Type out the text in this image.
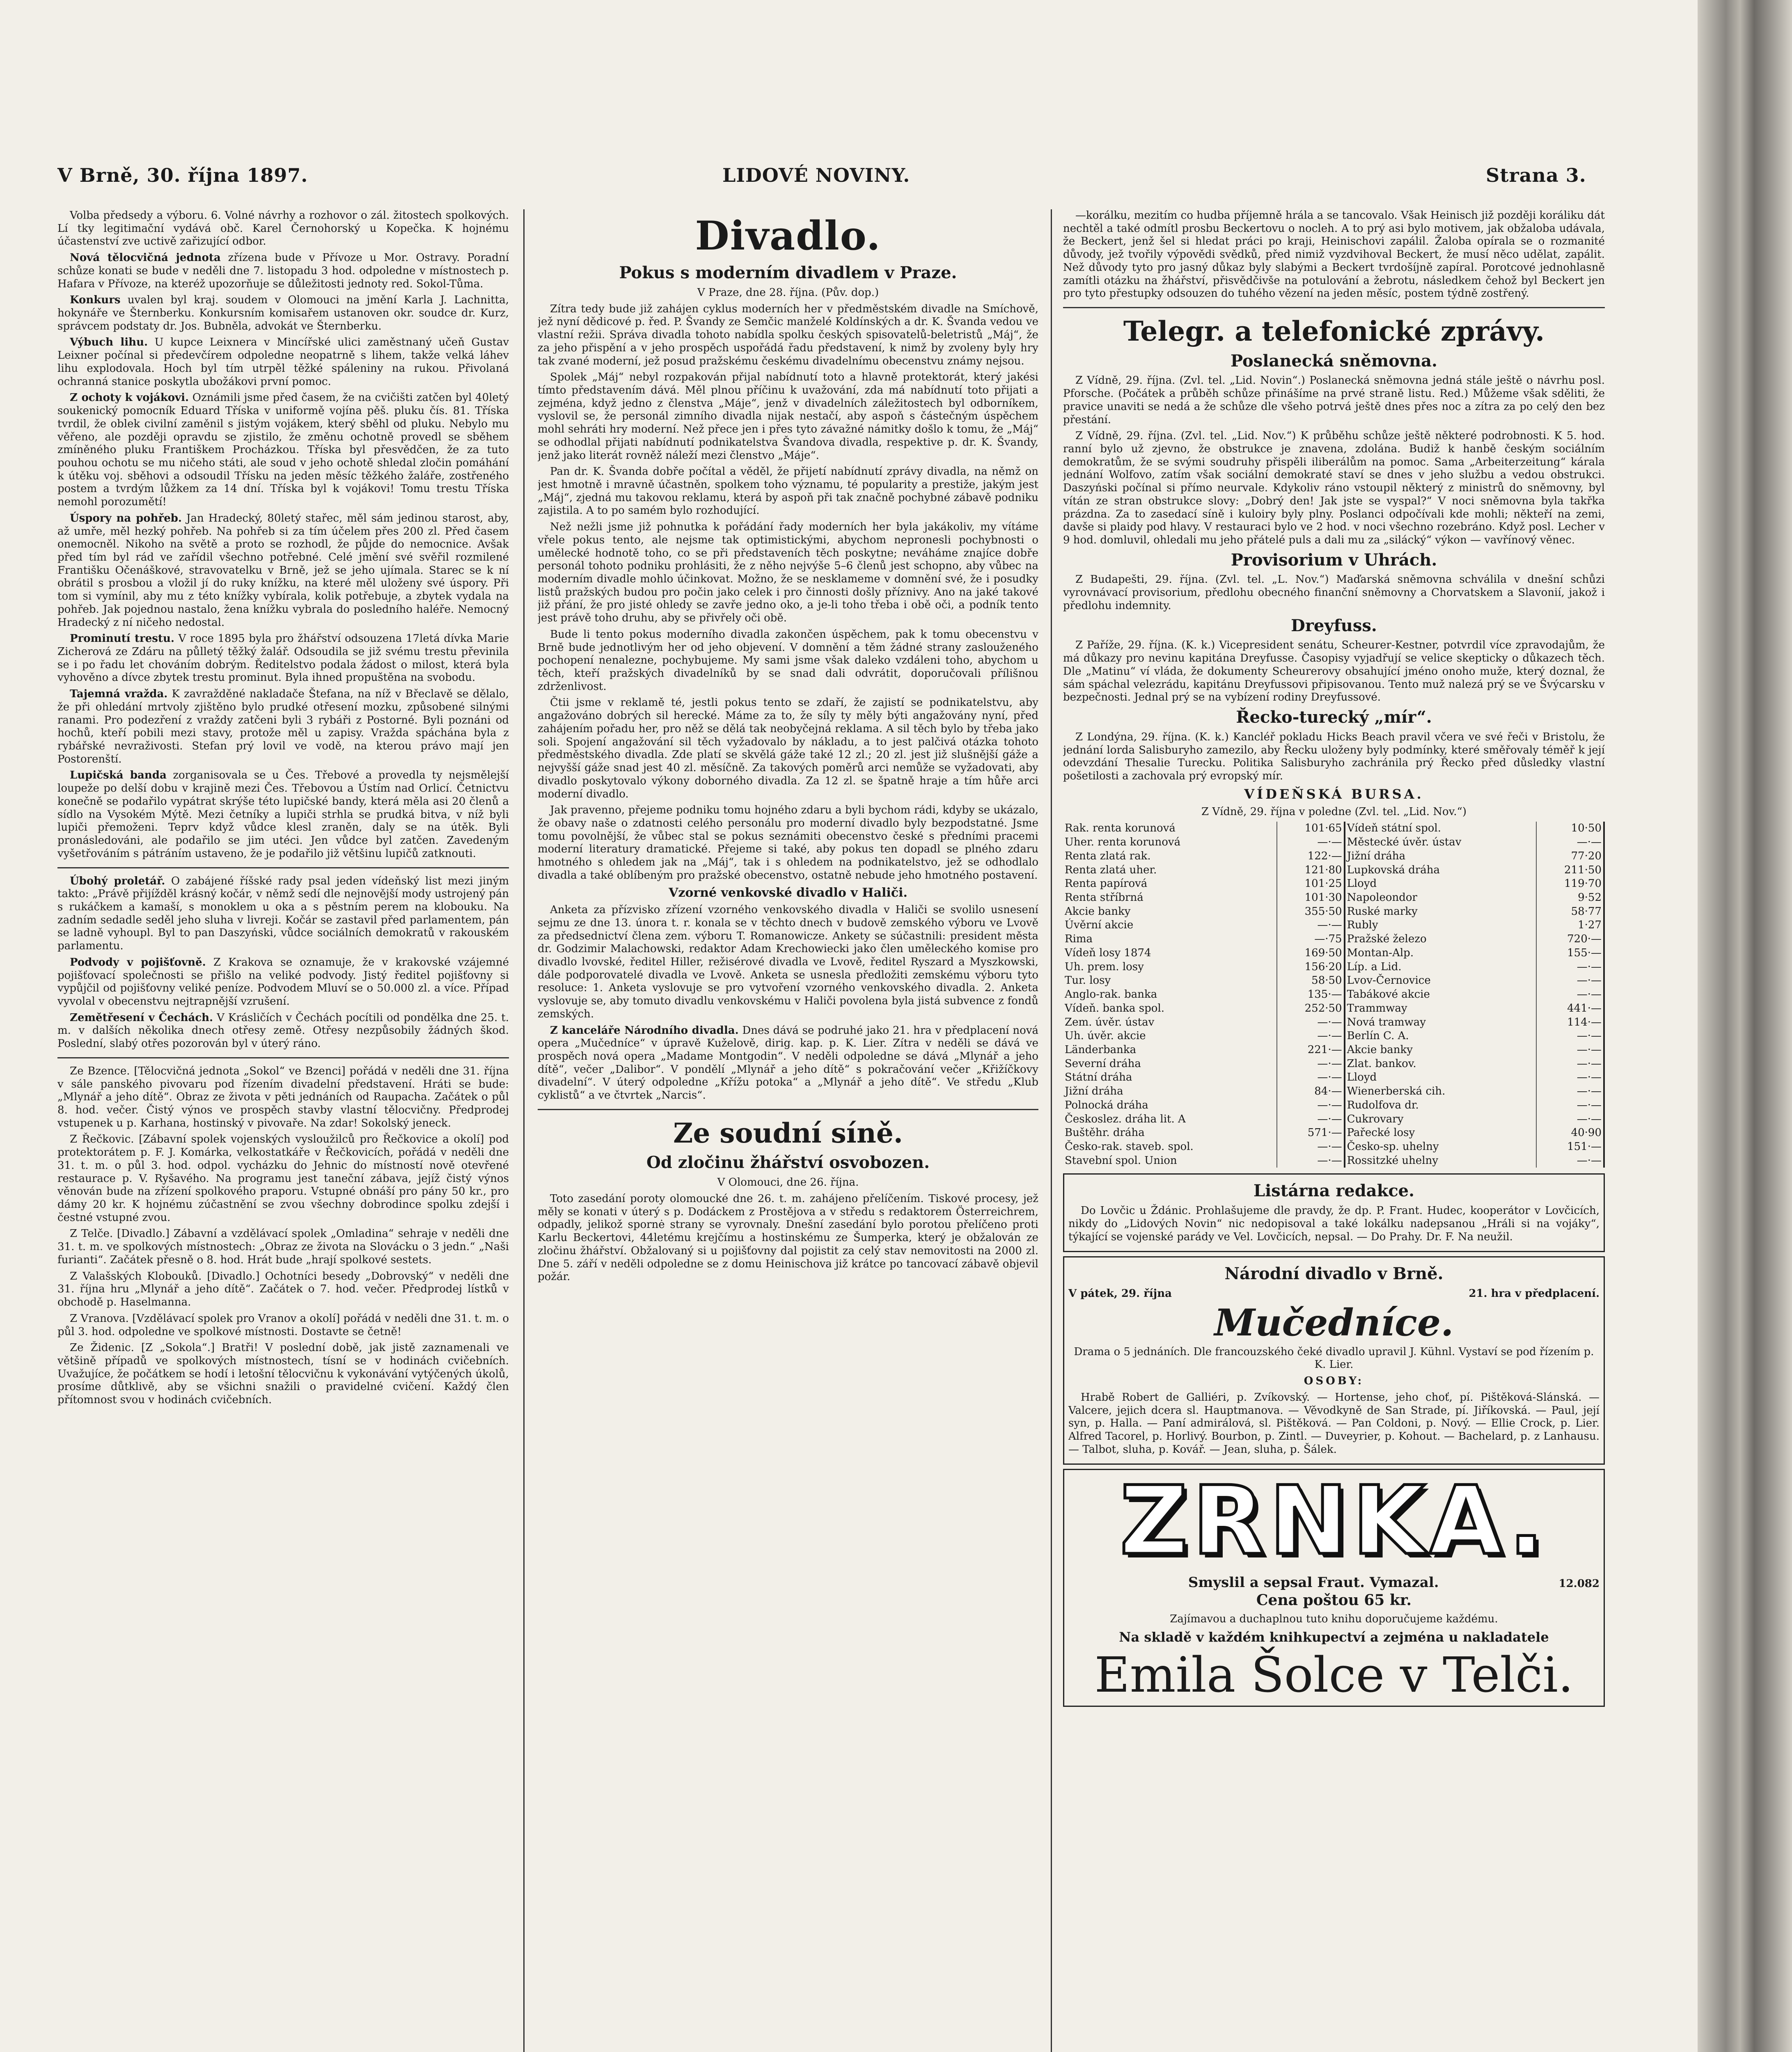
V Brně, 30. října 1897.	LIDOVÉ NOVINY.	Strana 3.

Volba předsedy a výboru. 6. Volné návrhy a rozhovor o zál. žitostech spolkových. Lí tky legitimační vydává obč. Karel Černohorský u Kopečka. K hojnému účastenství zve uctivě zařizující odbor.

Nová tělocvičná jednota zřízena bude v Přívoze u Mor. Ostravy. Poradní schůze konati se bude v neděli dne 7. listopadu 3 hod. odpoledne v místnostech p. Hafara v Přívoze, na kteréž upozorňuje se důležitosti jednoty red. Sokol-Tůma.

Konkurs uvalen byl kraj. soudem v Olomouci na jmění Karla J. Lachnitta, hokynáře ve Šternberku. Konkursním komisařem ustanoven okr. soudce dr. Kurz, správcem podstaty dr. Jos. Bubněla, advokát ve Šternberku.

Výbuch lihu. U kupce Leixnera v Mincířské ulici zaměstnaný učeň Gustav Leixner počínal si předevčírem odpoledne neopatrně s lihem, takže velká láhev lihu explodovala. Hoch byl tím utrpěl těžké spáleniny na rukou. Přivolaná ochranná stanice poskytla ubožákovi první pomoc.

Z ochoty k vojákovi. Oznámili jsme před časem, že na cvičišti zatčen byl 40letý soukenický pomocník Eduard Tříska v uniformě vojína pěš. pluku čís. 81. Tříska tvrdil, že oblek civilní zaměnil s jistým vojákem, který sběhl od pluku. Nebylo mu věřeno, ale později opravdu se zjistilo, že změnu ochotně provedl se sběhem zmíněného pluku Františkem Procházkou. Tříska byl přesvědčen, že za tuto pouhou ochotu se mu ničeho státi, ale soud v jeho ochotě shledal zločin pomáhání k útěku voj. sběhovi a odsoudil Třísku na jeden měsíc těžkého žaláře, zostřeného postem a tvrdým lůžkem za 14 dní. Tříska byl k vojákovi! Tomu trestu Tříska nemohl porozumětí!

Úspory na pohřeb. Jan Hradecký, 80letý stařec, měl sám jedinou starost, aby, až umře, měl hezký pohřeb. Na pohřeb si za tím účelem přes 200 zl. Před časem onemocněl. Nikoho na světě a proto se rozhodl, že půjde do nemocnice. Avšak před tím byl rád ve zařídil všechno potřebné. Celé jmění své svěřil rozmilené Františku Očenáškové, stravovatelku v Brně, jež se jeho ujímala. Starec se k ní obrátil s prosbou a vložil jí do ruky knížku, na které měl uloženy své úspory. Při tom si vymínil, aby mu z této knížky vybírala, kolik potřebuje, a zbytek vydala na pohřeb. Jak pojednou nastalo, žena knížku vybrala do posledního haléře. Nemocný Hradecký z ní ničeho nedostal.

Prominutí trestu. V roce 1895 byla pro žhářství odsouzena 17letá dívka Marie Zicherová ze Zdáru na půlletý těžký žalář. Odsoudila se již svému trestu převinila se i po řadu let chováním dobrým. Ředitelstvo podala žádost o milost, která byla vyhověno a dívce zbytek trestu prominut. Byla ihned propuštěna na svobodu.

Tajemná vražda. K zavražděné nakladače Štefana, na níž v Břeclavě se dělalo, že při ohledání mrtvoly zjištěno bylo prudké otřesení mozku, způsobené silnými ranami. Pro podezření z vraždy zatčeni byli 3 rybáři z Postorné. Byli poznáni od hochů, kteří pobili mezi stavy, protože měl u zapisy. Vražda spáchána byla z rybářské nevraživosti. Stefan prý lovil ve vodě, na kterou právo mají jen Postorenští.

Lupičská banda zorganisovala se u Čes. Třebové a provedla ty nejsmělejší loupeže po delší dobu v krajině mezi Čes. Třebovou a Ústím nad Orlicí. Četnictvu konečně se podařilo vypátrat skrýše této lupičské bandy, která měla asi 20 členů a sídlo na Vysokém Mýtě. Mezi četníky a lupiči strhla se prudká bitva, v níž byli lupiči přemoženi. Teprv když vůdce klesl zraněn, daly se na útěk. Byli pronásledováni, ale podařilo se jim utéci. Jen vůdce byl zatčen. Zavedeným vyšetřováním s pátráním ustaveno, že je podařilo již většinu lupičů zatknouti.

Úbohý proletář. O zabájené říšské rady psal jeden vídeňský list mezi jiným takto: „Právě přijížděl krásný kočár, v němž sedí dle nejnovější mody ustrojený pán s rukáčkem a kamaší, s monoklem u oka a s pěstním perem na klobouku. Na zadním sedadle seděl jeho sluha v livreji. Kočár se zastavil před parlamentem, pán se ladně vyhoupl. Byl to pan Daszyński, vůdce sociálních demokratů v rakouském parlamentu.

Podvody v pojišťovně. Z Krakova se oznamuje, že v krakovské vzájemné pojišťovací společnosti se přišlo na veliké podvody. Jistý ředitel pojišťovny si vypůjčil od pojišťovny veliké peníze. Podvodem Mluví se o 50.000 zl. a více. Případ vyvolal v obecenstvu nejtrapnější vzrušení.

Zemětřesení v Čechách. V Krásličích v Čechách pocítili od pondělka dne 25. t. m. v dalších několika dnech otřesy země. Otřesy nezpůsobily žádných škod. Poslední, slabý otřes pozorován byl v úterý ráno.

Ze Bzence. [Tělocvičná jednota „Sokol“ ve Bzenci] pořádá v neděli dne 31. října v sále panského pivovaru pod řízením divadelní představení. Hráti se bude: „Mlynář a jeho dítě“. Obraz ze života v pěti jednáních od Raupacha. Začátek o půl 8. hod. večer. Čistý výnos ve prospěch stavby vlastní tělocvičny. Předprodej vstupenek u p. Karhana, hostinský v pivovaře. Na zdar! Sokolský jeneck.

Z Řečkovic. [Zábavní spolek vojenských vysloužilců pro Řečkovice a okolí] pod protektorátem p. F. J. Komárka, velkostatkáře v Řečkovicích, pořádá v neděli dne 31. t. m. o půl 3. hod. odpol. vycházku do Jehnic do místností nově otevřené restaurace p. V. Ryšavého. Na programu jest taneční zábava, jejíž čistý výnos věnován bude na zřízení spolkového praporu. Vstupné obnáší pro pány 50 kr., pro dámy 20 kr. K hojnému zúčastnění se zvou všechny dobrodince spolku zdejší i čestné vstupné zvou.

Z Telče. [Divadlo.] Zábavní a vzdělávací spolek „Omladina“ sehraje v neděli dne 31. t. m. ve spolkových místnostech: „Obraz ze života na Slovácku o 3 jedn.“ „Naši furianti“. Začátek přesně o 8. hod. Hrát bude „hrají spolkové sestets.

Z Valašských Klobouků. [Divadlo.] Ochotníci besedy „Dobrovský“ v neděli dne 31. října hru „Mlynář a jeho dítě“. Začátek o 7. hod. večer. Předprodej lístků v obchodě p. Haselmanna.

Z Vranova. [Vzdělávací spolek pro Vranov a okolí] pořádá v neděli dne 31. t. m. o půl 3. hod. odpoledne ve spolkové místnosti. Dostavte se četně!

Ze Židenic. [Z „Sokola“.] Bratři! V poslední době, jak jistě zaznamenali ve většině případů ve spolkových místnostech, tísní se v hodinách cvičebních. Uvažujíce, že počátkem se hodí i letošní tělocvičnu k vykonávání vytýčených úkolů, prosíme důtklivě, aby se všichni snažili o pravidelné cvičení. Každý člen přítomnost svou v hodinách cvičebních.

Divadlo.
Pokus s moderním divadlem v Praze.

V Praze, dne 28. října. (Pův. dop.)

Zítra tedy bude již zahájen cyklus moderních her v předměstském divadle na Smíchově, jež nyní dědicové p. řed. P. Švandy ze Semčic manželé Koldínských a dr. K. Švanda vedou ve vlastní režii. Správa divadla tohoto nabídla spolku českých spisovatelů-beletristů „Máj“, že za jeho přispění a v jeho prospěch uspořádá řadu představení, k nimž by zvoleny byly hry tak zvané moderní, jež posud pražskému českému divadelnímu obecenstvu známy nejsou.

Spolek „Máj“ nebyl rozpakován přijal nabídnutí toto a hlavně protektorát, který jakési tímto představením dává. Měl plnou příčinu k uvažování, zda má nabídnutí toto přijati a zejména, když jedno z členstva „Máje“, jenž v divadelních záležitostech byl odborníkem, vyslovil se, že personál zimního divadla nijak nestačí, aby aspoň s částečným úspěchem mohl sehráti hry moderní. Než přece jen i přes tyto závažné námitky došlo k tomu, že „Máj“ se odhodlal přijati nabídnutí podnikatelstva Švandova divadla, respektive p. dr. K. Švandy, jenž jako literát rovněž náleží mezi členstvo „Máje“.

Pan dr. K. Švanda dobře počítal a věděl, že přijetí nabídnutí zprávy divadla, na němž on jest hmotně i mravně účastněn, spolkem toho významu, té popularity a prestiže, jakým jest „Máj“, zjedná mu takovou reklamu, která by aspoň při tak značně pochybné zábavě podniku zajistila. A to po samém bylo rozhodující.

Než nežli jsme již pohnutka k pořádání řady moderních her byla jakákoliv, my vítáme vřele pokus tento, ale nejsme tak optimistickými, abychom nepronesli pochybnosti o umělecké hodnotě toho, co se při představeních těch poskytne; neváháme znajíce dobře personál tohoto podniku prohlásiti, že z něho nejvýše 5–6 členů jest schopno, aby vůbec na moderním divadle mohlo účinkovat. Možno, že se nesklameme v domnění své, že i posudky listů pražských budou pro počin jako celek i pro činnosti došly příznivy. Ano na jaké takové již přání, že pro jisté ohledy se zavře jedno oko, a je-li toho třeba i obě oči, a podník tento jest právě toho druhu, aby se přivřely oči obě.

Bude li tento pokus moderního divadla zakončen úspěchem, pak k tomu obecenstvu v Brně bude jednotlivým her od jeho objevení. V domnění a těm žádné strany zaslouženého pochopení nenalezne, pochybujeme. My sami jsme však daleko vzdáleni toho, abychom u těch, kteří pražských divadelníků by se snad dali odvrátit, doporučovali přílišnou zdrženlivost.

Čtii jsme v reklamě té, jestli pokus tento se zdaří, že zajistí se podnikatelstvu, aby angažováno dobrých sil herecké. Máme za to, že síly ty měly býti angažovány nyní, před zahájením pořadu her, pro něž se dělá tak neobyčejná reklama. A sil těch bylo by třeba jako soli. Spojení angažování sil těch vyžadovalo by nákladu, a to jest palčivá otázka tohoto předměstského divadla. Zde platí se skvělá gáže také 12 zl.; 20 zl. jest již slušnější gáže a nejvyšší gáže snad jest 40 zl. měsíčně. Za takových poměrů arci nemůže se vyžadovati, aby divadlo poskytovalo výkony doborného divadla. Za 12 zl. se špatně hraje a tím hůře arci moderní divadlo.

Jak pravenno, přejeme podniku tomu hojného zdaru a byli bychom rádi, kdyby se ukázalo, že obavy naše o zdatnosti celého personálu pro moderní divadlo byly bezpodstatné. Jsme tomu povolnější, že vůbec stal se pokus seznámiti obecenstvo české s předními pracemi moderní literatury dramatické. Přejeme si také, aby pokus ten dopadl se plného zdaru hmotného s ohledem jak na „Máj“, tak i s ohledem na podnikatelstvo, jež se odhodlalo divadla a také oblíbeným pro pražské obecenstvo, ostatně nebude jeho hmotného postavení.

Vzorné venkovské divadlo v Haliči.

Anketa za přízvisko zřízení vzorného venkovského divadla v Haliči se svolilo usnesení sejmu ze dne 13. února t. r. konala se v těchto dnech v budově zemského výboru ve Lvově za předsednictví člena zem. výboru T. Romanowicze. Ankety se súčastnili: president města dr. Godzimir Malachowski, redaktor Adam Krechowiecki jako člen uměleckého komise pro divadlo lvovské, ředitel Hiller, režisérové divadla ve Lvově, ředitel Ryszard a Myszkowski, dále podporovatelé divadla ve Lvově. Anketa se usnesla předložiti zemskému výboru tyto resoluce: 1. Anketa vyslovuje se pro vytvoření vzorného venkovského divadla. 2. Anketa vyslovuje se, aby tomuto divadlu venkovskému v Haliči povolena byla jistá subvence z fondů zemských.

Z kanceláře Národního divadla. Dnes dává se podruhé jako 21. hra v předplacení nová opera „Mučedníce“ v úpravě Kuželově, dirig. kap. p. K. Lier. Zítra v neděli se dává ve prospěch nová opera „Madame Montgodin“. V neděli odpoledne se dává „Mlynář a jeho dítě“, večer „Dalibor“. V pondělí „Mlynář a jeho dítě“ s pokračování večer „Křižíčkovy divadelní“. V úterý odpoledne „Křížu potoka“ a „Mlynář a jeho dítě“. Ve středu „Klub cyklistů“ a ve čtvrtek „Narcis“.

Ze soudní síně.
Od zločinu žhářství osvobozen.

V Olomouci, dne 26. října.

Toto zasedání poroty olomoucké dne 26. t. m. zahájeno přelíčením. Tiskové procesy, jež měly se konati v úterý s p. Dodáckem z Prostějova a v středu s redaktorem Österreichrem, odpadly, jelikož spornė strany se vyrovnaly. Dnešní zasedání bylo porotou přelíčeno proti Karlu Beckertovi, 44letému krejčímu a hostinskému ze Šumperka, který je obžalován ze zločinu žhářství. Obžalovaný si u pojišťovny dal pojistit za celý stav nemovitosti na 2000 zl. Dne 5. září v neděli odpoledne se z domu Heinischova již krátce po tancovací zábavě objevil požár.

—korálku, mezitím co hudba příjemně hrála a se tancovalo. Však Heinisch již později koráliku dát nechtěl a také odmítl prosbu Beckertovu o nocleh. A to prý asi bylo motivem, jak obžaloba udávala, že Beckert, jenž šel si hledat práci po kraji, Heinischovi zapálil. Žaloba opírala se o rozmanité důvody, jež tvořily výpovědi svědků, před nimiž vyzdvihoval Beckert, že musí něco udělat, zapálit. Než důvody tyto pro jasný důkaz byly slabými a Beckert tvrdošíjně zapíral. Porotcové jednohlasně zamítli otázku na žhářství, přisvědčivše na potulování a žebrotu, následkem čehož byl Beckert jen pro tyto přestupky odsouzen do tuhého vězení na jeden měsíc, postem týdně zostřený.

Telegr. a telefonické zprávy.
Poslanecká sněmovna.

Z Vídně, 29. října. (Zvl. tel. „Lid. Novin“.) Poslanecká sněmovna jedná stále ještě o návrhu posl. Pforsche. (Počátek a průběh schůze přinášíme na prvé straně listu. Red.) Můžeme však sděliti, že pravice unaviti se nedá a že schůze dle všeho potrvá ještě dnes přes noc a zítra za po celý den bez přestání.

Z Vídně, 29. října. (Zvl. tel. „Lid. Nov.“) K průběhu schůze ještě některé podrobnosti. K 5. hod. ranní bylo už zjevno, že obstrukce je znavena, zdolána. Budiž k hanbě českým sociálním demokratům, že se svými soudruhy přispěli iliberálům na pomoc. Sama „Arbeiterzeitung“ kárala jednání Wolfovo, zatím však sociální demokraté staví se dnes v jeho službu a vedou obstrukci. Daszyński počínal si přímo neurvale. Kdykoliv ráno vstoupil některý z ministrů do sněmovny, byl vítán ze stran obstrukce slovy: „Dobrý den! Jak jste se vyspal?“ V noci sněmovna byla takřka prázdna. Za to zasedací síně i kuloiry byly plny. Poslanci odpočívali kde mohli; někteří na zemi, davše si plaidy pod hlavy. V restauraci bylo ve 2 hod. v noci všechno rozebráno. Když posl. Lecher v 9 hod. domluvil, ohledali mu jeho přátelé puls a dali mu za „silácký“ výkon — vavřínový věnec.

Provisorium v Uhrách.

Z Budapešti, 29. října. (Zvl. tel. „L. Nov.“) Maďarská sněmovna schválila v dnešní schůzi vyrovnávací provisorium, předlohu obecného finanční sněmovny a Chorvatskem a Slavonií, jakož i předlohu indemnity.

Dreyfuss.

Z Paříže, 29. října. (K. k.) Vicepresident senátu, Scheurer-Kestner, potvrdil více zpravodajům, že má důkazy pro nevinu kapitána Dreyfusse. Časopisy vyjadřují se velice skepticky o důkazech těch. Dle „Matinu“ ví vláda, že dokumenty Scheurerovy obsahující jméno onoho muže, který doznal, že sám spáchal velezrádu, kapitánu Dreyfussovi připisovanou. Tento muž nalezá prý se ve Švýcarsku v bezpečnosti. Jednal prý se na vybízení rodiny Dreyfussové.

Řecko-turecký „mír“.

Z Londýna, 29. října. (K. k.) Kancléř pokladu Hicks Beach pravil včera ve své řeči v Bristolu, že jednání lorda Salisburyho zamezilo, aby Řecku uloženy byly podmínky, které směřovaly téměř k její odevzdání Thesalie Turecku. Politika Salisburyho zachránila prý Řecko před důsledky vlastní pošetilosti a zachovala prý evropský mír.

VÍDEŇSKÁ BURSA.

Z Vídně, 29. října v poledne (Zvl. tel. „Lid. Nov.“)

Rak. renta korunová	101·65	Vídeň státní spol.	10·50
Uher. renta korunová	—·—	Městecké úvěr. ústav	—·—
Renta zlatá rak.	122·—	Jižní dráha	77·20
Renta zlatá uher.	121·80	Lupkovská dráha	211·50
Renta papírová	101·25	Lloyd	119·70
Renta stříbrná	101·30	Napoleondor	9·52
Akcie banky	355·50	Ruské marky	58·77
Úvěrní akcie	—·—	Rubly	1·27
Rima	—·75	Pražské železo	720·—
Vídeň losy 1874	169·50	Montan-Alp.	155·—
Uh. prem. losy	156·20	Líp. a Lid.	—·—
Tur. losy	58·50	Lvov-Černovice	—·—
Anglo-rak. banka	135·—	Tabákové akcie	—·—
Vídeň. banka spol.	252·50	Trammway	441·—
Zem. úvěr. ústav	—·—	Nová tramway	114·—
Uh. úvěr. akcie	—·—	Berlín C. A.	—·—
Länderbanka	221·—	Akcie banky	—·—
Severní dráha	—·—	Zlat. bankov.	—·—
Státní dráha	—·—	Lloyd	—·—
Jižní dráha	84·—	Wienerberská cih.	—·—
Polnocká dráha	—·—	Rudolfova dr.	—·—
Českoslez. dráha lit. A	—·—	Cukrovary	—·—
Buštěhr. dráha	571·—	Pařecké losy	40·90
Česko-rak. staveb. spol.	—·—	Česko-sp. uhelny	151·—
Stavební spol. Union	—·—	Rossitzké uhelny	—·—
Listárna redakce.

Do Lovčic u Ždánic. Prohlašujeme dle pravdy, že dp. P. Frant. Hudec, kooperátor v Lovčicích, nikdy do „Lidových Novin“ nic nedopisoval a také lokálku nadepsanou „Hráli si na vojáky“, týkající se vojenské parády ve Vel. Lovčicích, nepsal. — Do Prahy. Dr. F. Na neužil.

Národní divadlo v Brně.
V pátek, 29. října	21. hra v předplacení.
Mučedníce.

Drama o 5 jednáních. Dle francouzského čeké divadlo upravil J. Kühnl. Vystaví se pod řízením p. K. Lier.

OSOBY:

Hrabě Robert de Galliéri, p. Zvíkovský. — Hortense, jeho choť, pí. Pištěková-Slánská. — Valcere, jejich dcera sl. Hauptmanova. — Věvodkyně de San Strade, pí. Jiříkovská. — Paul, její syn, p. Halla. — Paní admirálová, sl. Pištěková. — Pan Coldoni, p. Nový. — Ellie Crock, p. Lier. Alfred Tacorel, p. Horlivý. Bourbon, p. Zintl. — Duveyrier, p. Kohout. — Bachelard, p. z Lanhausu. — Talbot, sluha, p. Kovář. — Jean, sluha, p. Šálek.

ZRNKA.
Smyslil a sepsal Fraut. Vymazal.	12.082

Cena poštou 65 kr.

Zajímavou a duchaplnou tuto knihu doporučujeme každému.

Na skladě v každém knihkupectví a zejména u nakladatele

Emila Šolce v Telči.
